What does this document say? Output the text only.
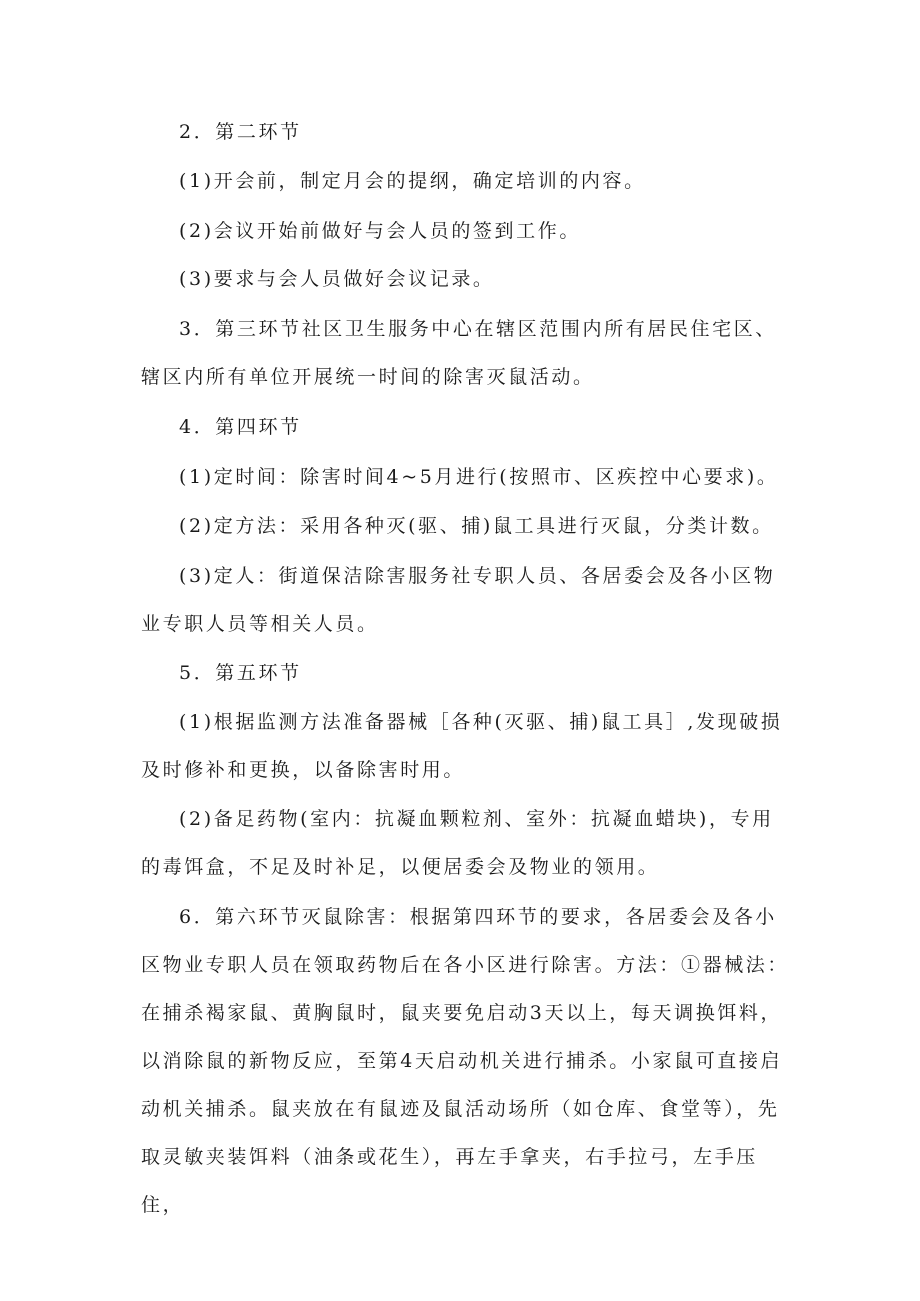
2．第二环节

(1)开会前，制定月会的提纲，确定培训的内容。

(2)会议开始前做好与会人员的签到工作。

(3)要求与会人员做好会议记录。

3．第三环节社区卫生服务中心在辖区范围内所有居民住宅区、辖区内所有单位开展统一时间的除害灭鼠活动。

4．第四环节

(1)定时间：除害时间4~5月进行(按照市、区疾控中心要求)。

(2)定方法：采用各种灭(驱、捕)鼠工具进行灭鼠，分类计数。

(3)定人：街道保洁除害服务社专职人员、各居委会及各小区物业专职人员等相关人员。

5．第五环节

(1)根据监测方法准备器械［各种(灭驱、捕)鼠工具］,发现破损及时修补和更换，以备除害时用。

(2)备足药物(室内：抗凝血颗粒剂、室外：抗凝血蜡块)，专用的毒饵盒，不足及时补足，以便居委会及物业的领用。

6．第六环节灭鼠除害：根据第四环节的要求，各居委会及各小区物业专职人员在领取药物后在各小区进行除害。方法：①器械法：在捕杀褐家鼠、黄胸鼠时，鼠夹要免启动3天以上，每天调换饵料，以消除鼠的新物反应，至第4天启动机关进行捕杀。小家鼠可直接启动机关捕杀。鼠夹放在有鼠迹及鼠活动场所（如仓库、食堂等），先取灵敏夹装饵料（油条或花生），再左手拿夹，右手拉弓，左手压住，
